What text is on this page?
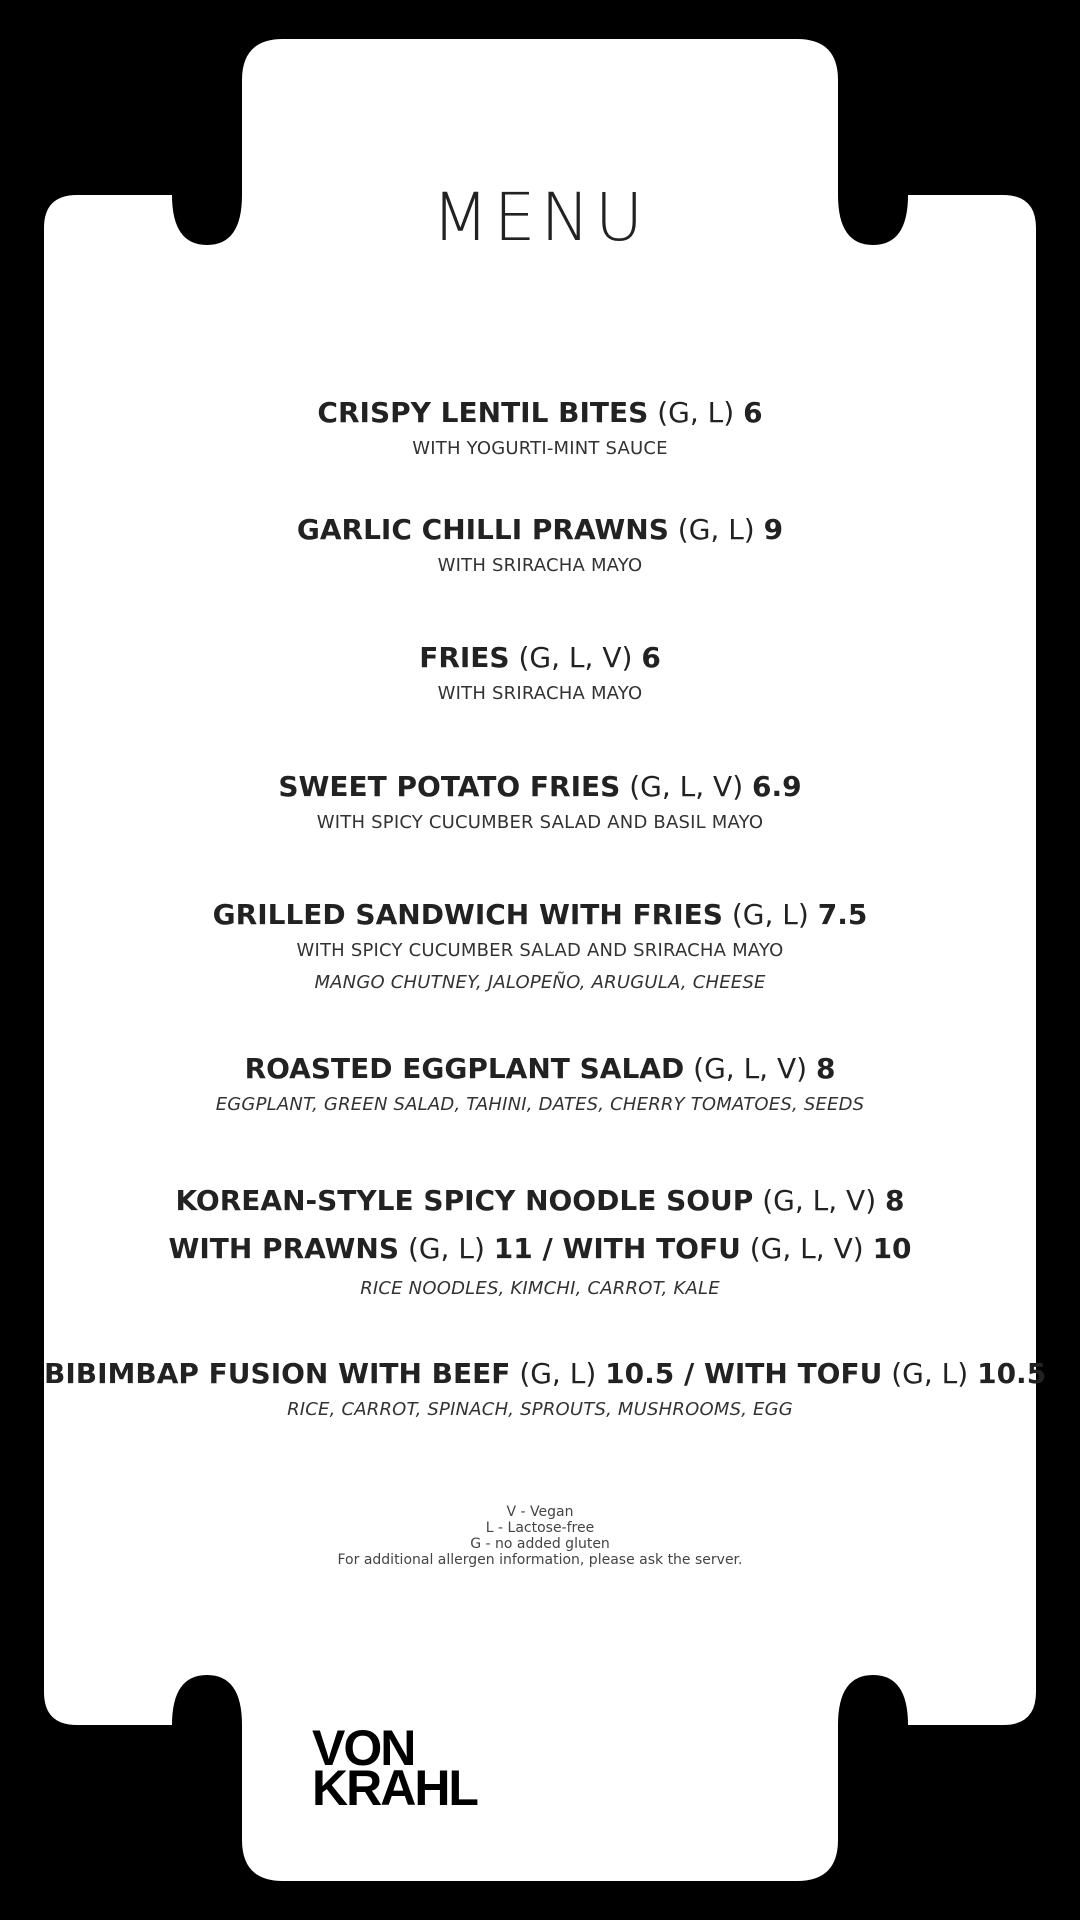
MENU
CRISPY LENTIL BITES (G, L) 6
WITH YOGURTI-MINT SAUCE
GARLIC CHILLI PRAWNS (G, L) 9
WITH SRIRACHA MAYO
FRIES (G, L, V) 6
WITH SRIRACHA MAYO
SWEET POTATO FRIES (G, L, V) 6.9
WITH SPICY CUCUMBER SALAD AND BASIL MAYO
GRILLED SANDWICH WITH FRIES (G, L) 7.5
WITH SPICY CUCUMBER SALAD AND SRIRACHA MAYO
MANGO CHUTNEY, JALOPEÑO, ARUGULA, CHEESE
ROASTED EGGPLANT SALAD (G, L, V) 8
EGGPLANT, GREEN SALAD, TAHINI, DATES, CHERRY TOMATOES, SEEDS
KOREAN-STYLE SPICY NOODLE SOUP (G, L, V) 8
WITH PRAWNS (G, L) 11 / WITH TOFU (G, L, V) 10
RICE NOODLES, KIMCHI, CARROT, KALE
BIBIMBAP FUSION WITH BEEF (G, L) 10.5 / WITH TOFU (G, L) 10.5
RICE, CARROT, SPINACH, SPROUTS, MUSHROOMS, EGG
V - Vegan
L - Lactose-free
G - no added gluten
For additional allergen information, please ask the server.
VON
KRAHL
